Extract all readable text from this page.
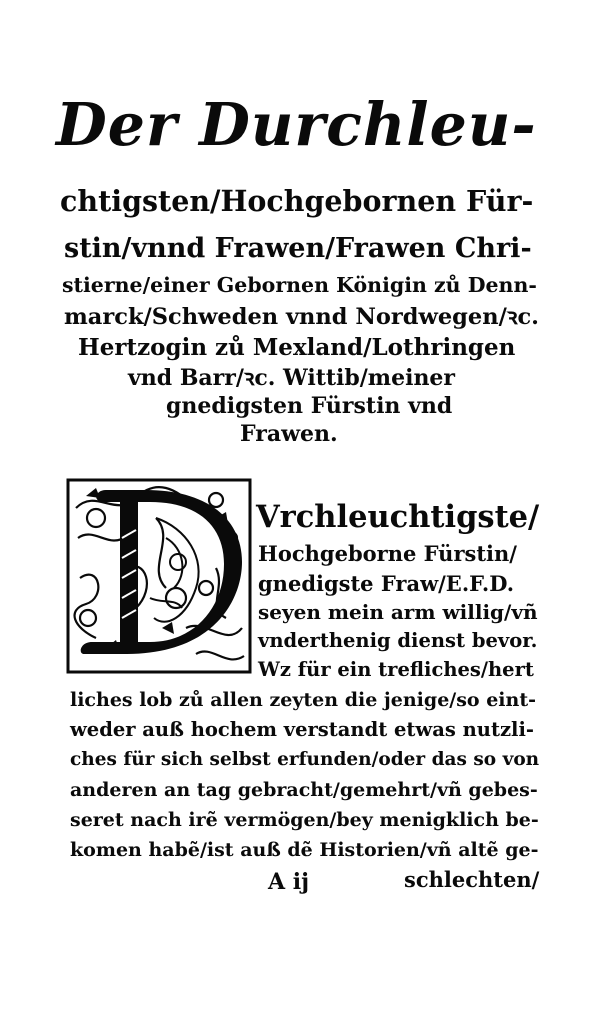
Der Durchleu-
chtigsten/Hochgebornen Für-
stin/vnnd Frawen/Frawen Chri-
stierne/einer Gebornen Königin zů Denn-
marck/Schweden vnnd Nordwegen/ꝛc.
Hertzogin zů Mexland/Lothringen
vnd Barr/ꝛc. Wittib/meiner
gnedigsten Fürstin vnd
Frawen.
Vrchleuchtigste/
Hochgeborne Fürstin/
gnedigste Fraw/E.F.D.
seyen mein arm willig/vñ
vnderthenig dienst bevor.
Wz für ein trefliches/hert
liches lob zů allen zeyten die jenige/so eint-
weder auß hochem verstandt etwas nutzli-
ches für sich selbst erfunden/oder das so von
anderen an tag gebracht/gemehrt/vñ gebes-
seret nach irẽ vermögen/bey menigklich be-
komen habẽ/ist auß dẽ Historien/vñ altẽ ge-
A ij	schlechten/
